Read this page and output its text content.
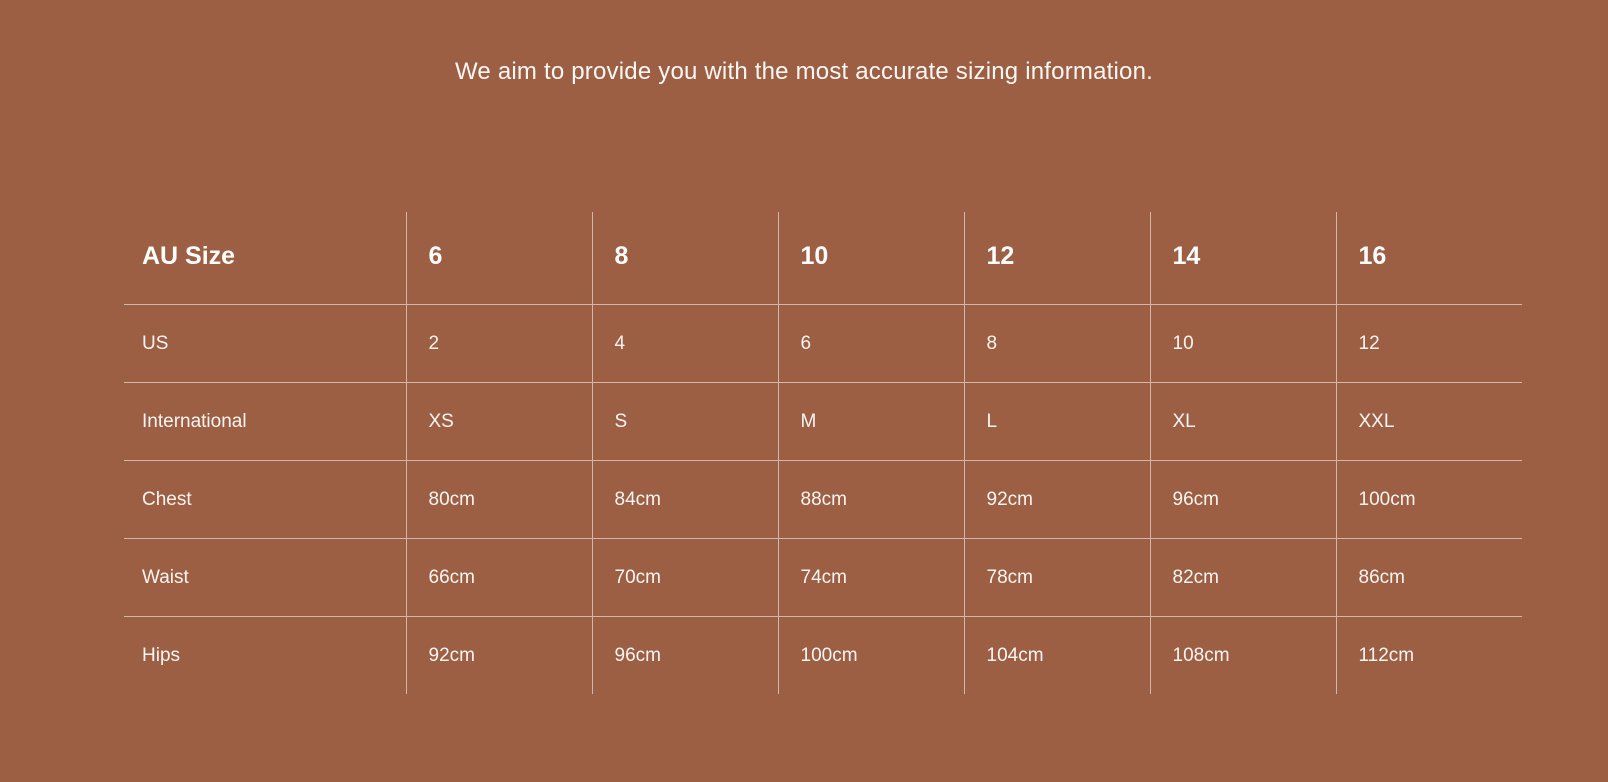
We aim to provide you with the most accurate sizing information.
AU Size	6	8	10	12	14	16
US	2	4	6	8	10	12
International	XS	S	M	L	XL	XXL
Chest	80cm	84cm	88cm	92cm	96cm	100cm
Waist	66cm	70cm	74cm	78cm	82cm	86cm
Hips	92cm	96cm	100cm	104cm	108cm	112cm
